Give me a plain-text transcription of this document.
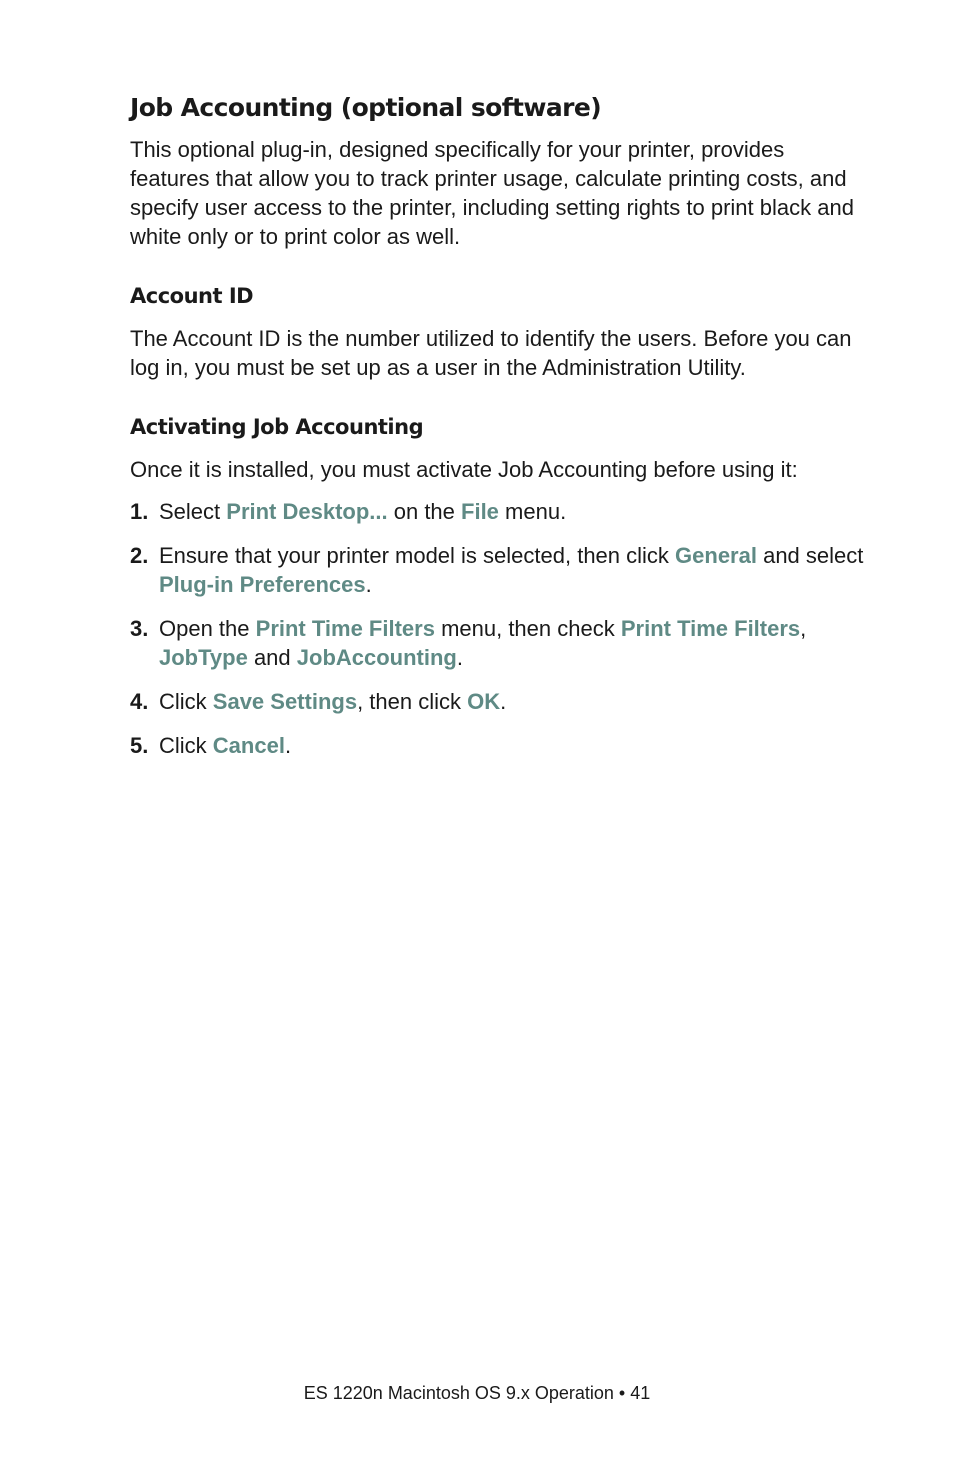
Job Accounting (optional software)

This optional plug-in, designed specifically for your printer, provides features that allow you to track printer usage, calculate printing costs, and specify user access to the printer, including setting rights to print black and white only or to print color as well.

Account ID

The Account ID is the number utilized to identify the users. Before you can log in, you must be set up as a user in the Administration Utility.

Activating Job Accounting

Once it is installed, you must activate Job Accounting before using it:

1. Select Print Desktop... on the File menu.
2. Ensure that your printer model is selected, then click General and select Plug-in Preferences.
3. Open the Print Time Filters menu, then check Print Time Filters, JobType and JobAccounting.
4. Click Save Settings, then click OK.
5. Click Cancel.
ES 1220n Macintosh OS 9.x Operation • 41
